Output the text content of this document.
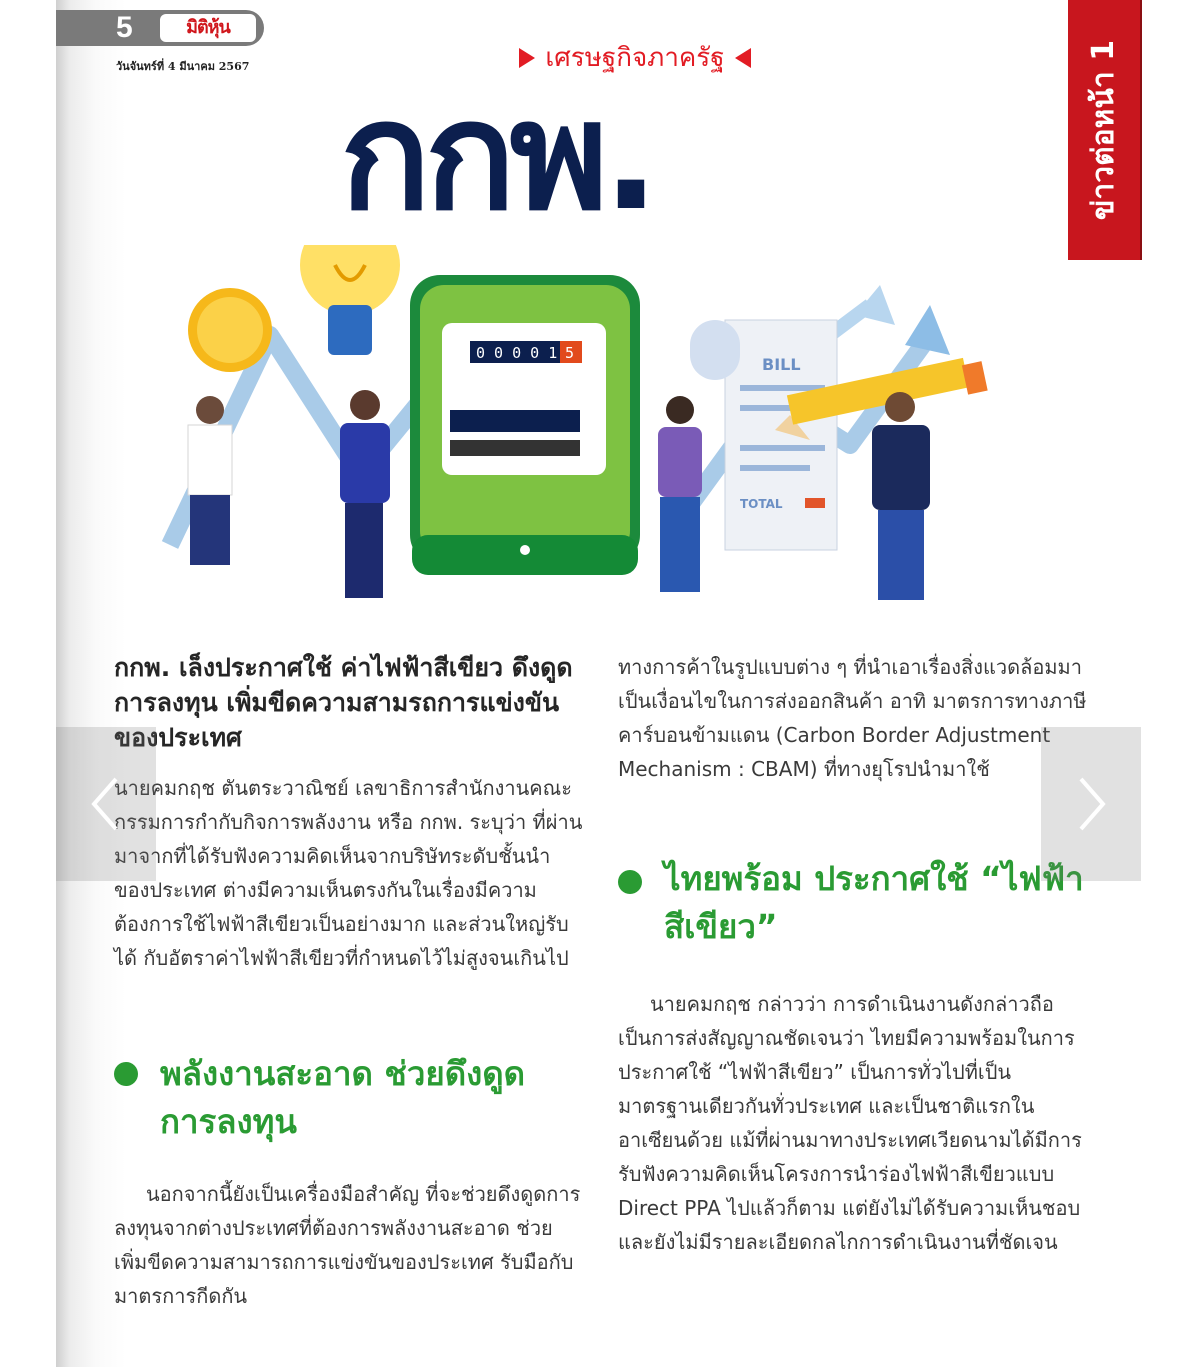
5	มิติหุ้น
วันจันทร์ที่ 4 มีนาคม 2567	เศรษฐกิจภาครัฐ	ข่าวต่อหน้า 1
กกพ.
0 0 0 0 1 5
BILL
TOTAL
กกพ. เล็งประกาศใช้ ค่าไฟฟ้าสีเขียว ดึงดูดการลงทุน เพิ่มขีดความสามรถการแข่งขันของประเทศ
นายคมกฤช ตันตระวาณิชย์ เลขาธิการสำนักงานคณะกรรมการกำกับกิจการพลังงาน หรือ กกพ. ระบุว่า ที่ผ่านมาจากที่ได้รับฟังความคิดเห็นจากบริษัทระดับชั้นนำของประเทศ ต่างมีความเห็นตรงกันในเรื่องมีความต้องการใช้ไฟฟ้าสีเขียวเป็นอย่างมาก และส่วนใหญ่รับได้ กับอัตราค่าไฟฟ้าสีเขียวที่กำหนดไว้ไม่สูงจนเกินไป
พลังงานสะอาด ช่วยดึงดูดการลงทุน
นอกจากนี้ยังเป็นเครื่องมือสำคัญ ที่จะช่วยดึงดูดการลงทุนจากต่างประเทศที่ต้องการพลังงานสะอาด ช่วยเพิ่มขีดความสามารถการแข่งขันของประเทศ รับมือกับมาตรการกีดกัน
ทางการค้าในรูปแบบต่าง ๆ ที่นำเอาเรื่องสิ่งแวดล้อมมาเป็นเงื่อนไขในการส่งออกสินค้า อาทิ มาตรการทางภาษีคาร์บอนข้ามแดน (Carbon Border Adjustment Mechanism : CBAM) ที่ทางยุโรปนำมาใช้
ไทยพร้อม ประกาศใช้ “ไฟฟ้าสีเขียว”
นายคมกฤช กล่าวว่า การดำเนินงานดังกล่าวถือเป็นการส่งสัญญาณชัดเจนว่า ไทยมีความพร้อมในการประกาศใช้ “ไฟฟ้าสีเขียว” เป็นการทั่วไปที่เป็นมาตรฐานเดียวกันทั่วประเทศ และเป็นชาติแรกในอาเซียนด้วย แม้ที่ผ่านมาทางประเทศเวียดนามได้มีการรับฟังความคิดเห็นโครงการนำร่องไฟฟ้าสีเขียวแบบ Direct PPA ไปแล้วก็ตาม แต่ยังไม่ได้รับความเห็นชอบและยังไม่มีรายละเอียดกลไกการดำเนินงานที่ชัดเจน
